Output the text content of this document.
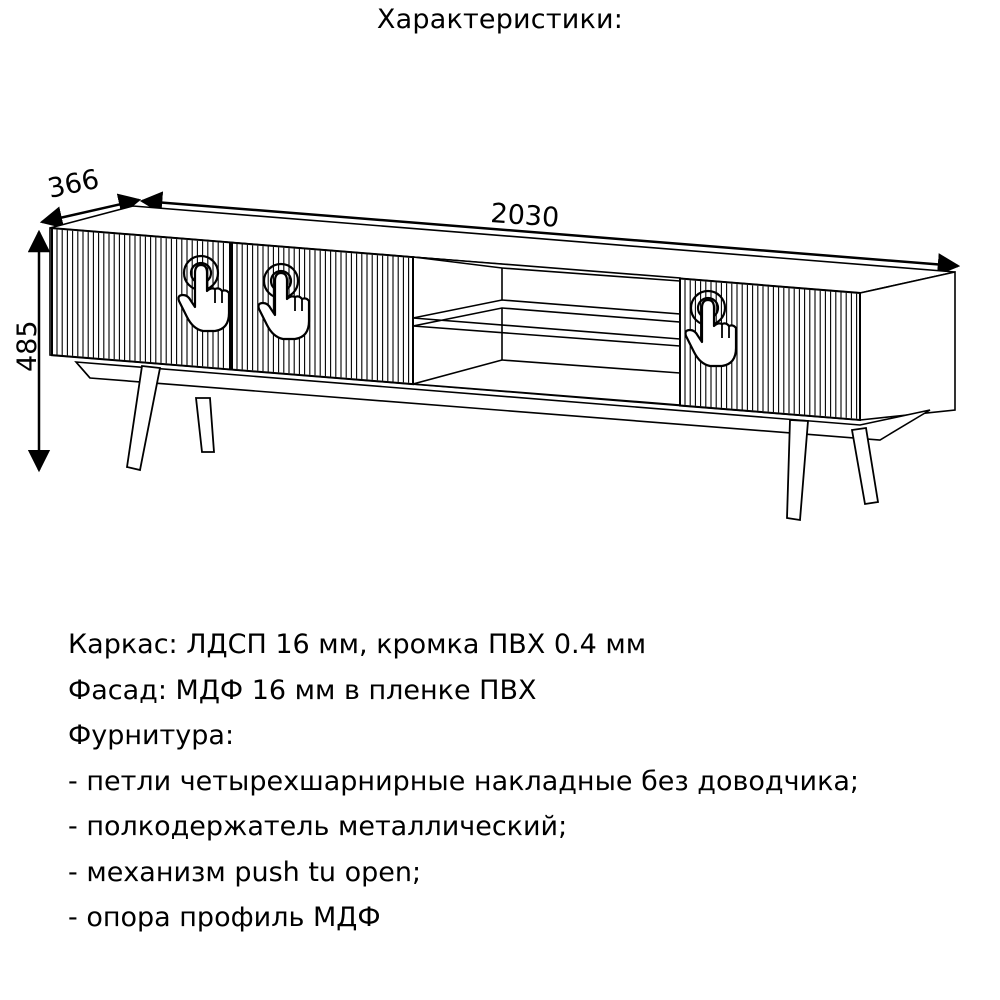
Характеристики:
366
2030
485
Каркас: ЛДСП 16 мм, кромка ПВХ 0.4 мм
Фасад: МДФ 16 мм в пленке ПВХ
Фурнитура:
- петли четырехшарнирные накладные без доводчика;
- полкодержатель металлический;
- механизм push tu open;
- опора профиль МДФ
